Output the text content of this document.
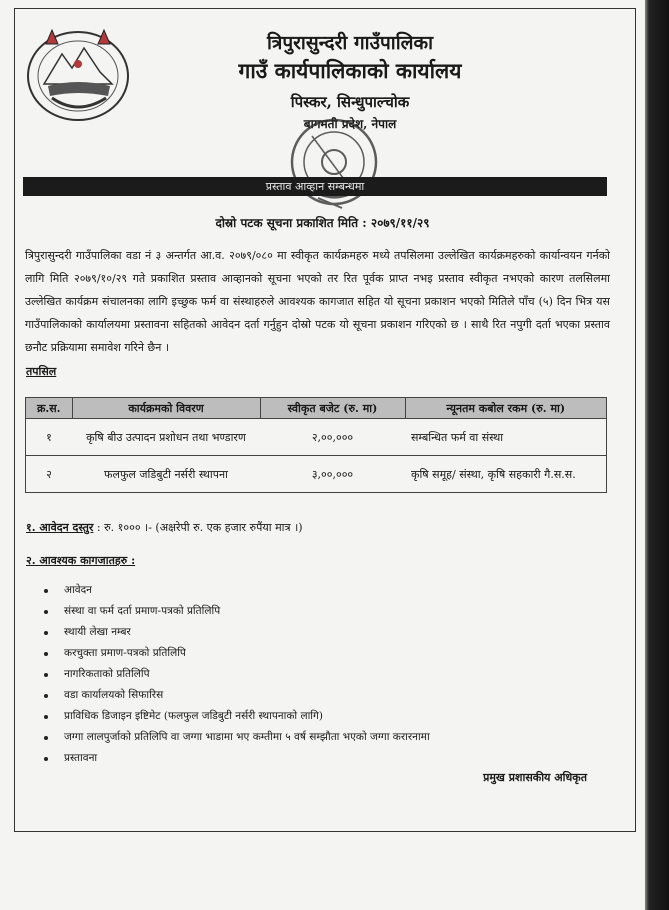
त्रिपुरासुन्दरी गाउँपालिका
गाउँ कार्यपालिकाको कार्यालय
पिस्कर, सिन्धुपाल्चोक
बागमती प्रदेश, नेपाल
प्रस्ताव आव्हान सम्बन्धमा
दोस्रो पटक सूचना प्रकाशित मिति : २०७९/११/२९
त्रिपुरासुन्दरी गाउँपालिका वडा नं ३ अन्तर्गत आ.व. २०७९/०८० मा स्वीकृत कार्यक्रमहरु मध्ये तपसिलमा उल्लेखित कार्यक्रमहरुको कार्यान्वयन गर्नको लागि मिति २०७९/१०/२९ गते प्रकाशित प्रस्ताव आव्हानको सूचना भएको तर रित पूर्वक प्राप्त नभइ प्रस्ताव स्वीकृत नभएको कारण तलसिलमा उल्लेखित कार्यक्रम संचालनका लागि इच्छुक फर्म वा संस्थाहरुले आवश्यक कागजात सहित यो सूचना प्रकाशन भएको मितिले पाँच (५) दिन भित्र यस गाउँपालिकाको कार्यालयमा प्रस्तावना सहितको आवेदन दर्ता गर्नुहुन दोस्रो पटक यो सूचना प्रकाशन गरिएको छ । साथै रित नपुगी दर्ता भएका प्रस्ताव छनौट प्रक्रियामा समावेश गरिने छैन ।
तपसिल
क्र.स.	कार्यक्रमको विवरण	स्वीकृत बजेट (रु. मा)	न्यूनतम कबोल रकम (रु. मा)
१	कृषि बीउ उत्पादन प्रशोधन तथा भण्डारण	२,००,०००	सम्बन्धित फर्म वा संस्था
२	फलफुल जडिबुटी नर्सरी स्थापना	३,००,०००	कृषि समूह/ संस्था, कृषि सहकारी गै.स.स.
१. आवेदन दस्तुर : रु. १००० ।- (अक्षरेपी रु. एक हजार रुपैंया मात्र ।)
२. आवश्यक कागजातहरु :
आवेदन
संस्था वा फर्म दर्ता प्रमाण-पत्रको प्रतिलिपि
स्थायी लेखा नम्बर
करचुक्ता प्रमाण-पत्रको प्रतिलिपि
नागरिकताको प्रतिलिपि
वडा कार्यालयको सिफारिस
प्राविधिक डिजाइन इष्टिमेट (फलफुल जडिबुटी नर्सरी स्थापनाको लागि)
जग्गा लालपुर्जाको प्रतिलिपि वा जग्गा भाडामा भए कम्तीमा ५ वर्ष सम्झौता भएको जग्गा करारनामा
प्रस्तावना
प्रमुख प्रशासकीय अधिकृत
